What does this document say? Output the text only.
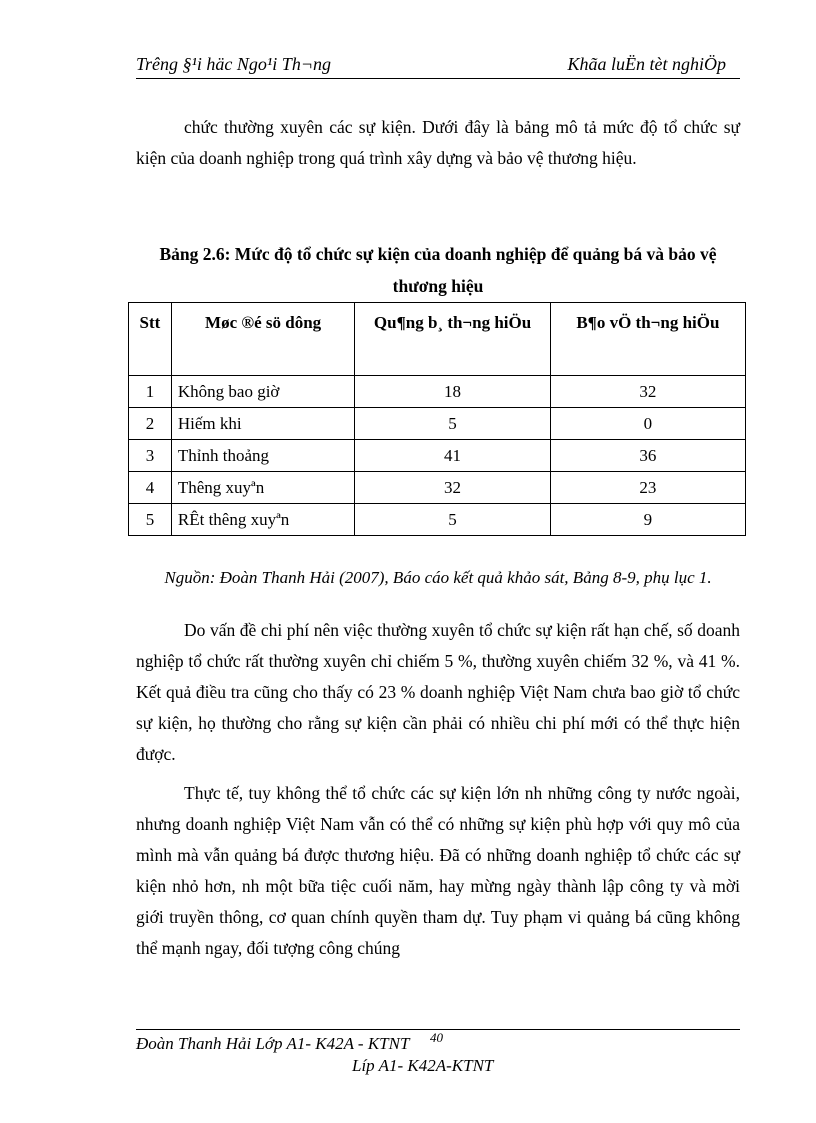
Trêng §¹i häc Ngo¹i Th¬ng	Khãa luËn tèt nghiÖp

chức thường xuyên các sự kiện. Dưới đây là bảng mô tả mức độ tổ chức sự kiện của doanh nghiệp trong quá trình xây dựng và bảo vệ thương hiệu.

Bảng 2.6: Mức độ tổ chức sự kiện của doanh nghiệp để quảng bá và bảo vệ thương hiệu
Stt	Møc ®é sö dông	Qu¶ng b¸ th¬ng hiÖu	B¶o vÖ th¬ng hiÖu
1	Không bao giờ	18	32
2	Hiếm khi	5	0
3	Thỉnh thoảng	41	36
4	Thêng xuyªn	32	23
5	RÊt thêng xuyªn	5	9
Nguồn: Đoàn Thanh Hải (2007), Báo cáo kết quả khảo sát, Bảng 8-9, phụ lục 1.

Do vấn đề chi phí nên việc thường xuyên tổ chức sự kiện rất hạn chế, số doanh nghiệp tổ chức rất thường xuyên chỉ chiếm 5 %, thường xuyên chiếm 32 %, và 41 %. Kết quả điều tra cũng cho thấy có 23 % doanh nghiệp Việt Nam chưa bao giờ tổ chức sự kiện, họ thường cho rằng sự kiện cần phải có nhiều chi phí mới có thể thực hiện được.

Thực tế, tuy không thể tổ chức các sự kiện lớn nh những công ty nước ngoài, nhưng doanh nghiệp Việt Nam vẫn có thể có những sự kiện phù hợp với quy mô của mình mà vẫn quảng bá được thương hiệu. Đã có những doanh nghiệp tổ chức các sự kiện nhỏ hơn, nh một bữa tiệc cuối năm, hay mừng ngày thành lập công ty và mời giới truyền thông, cơ quan chính quyền tham dự. Tuy phạm vi quảng bá cũng không thể mạnh ngay, đối tượng công chúng

Đoàn Thanh Hải Lớp A1- K42A - KTNT 40
Líp A1- K42A-KTNT
